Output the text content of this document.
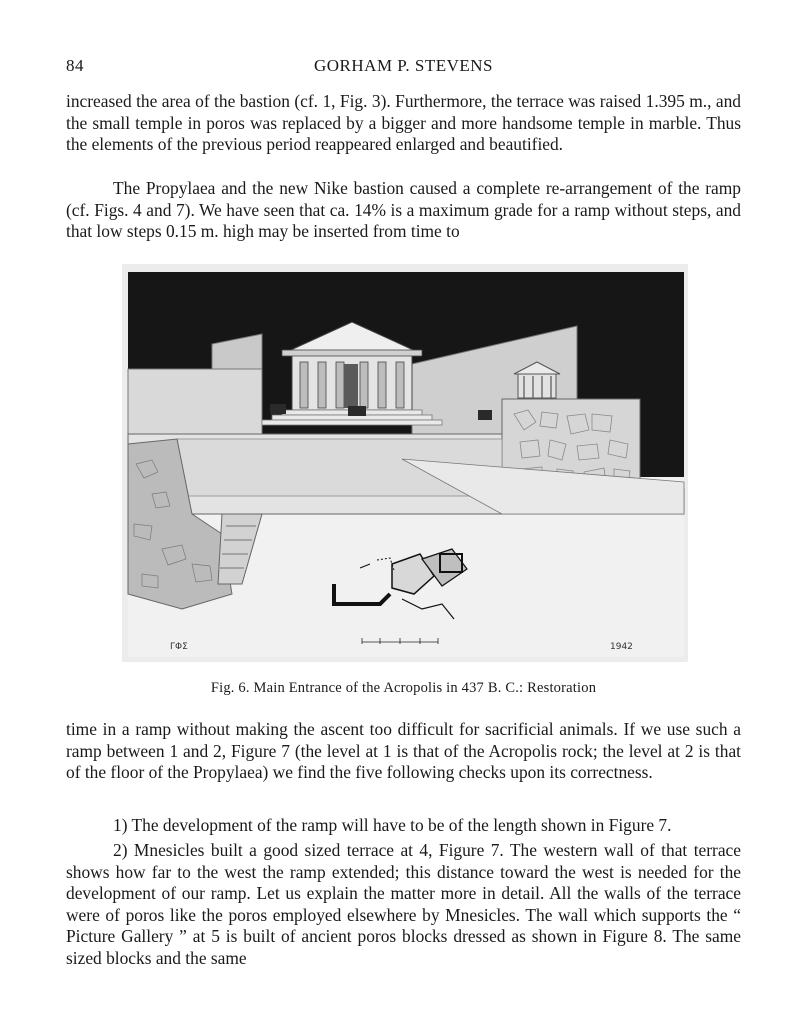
84	GORHAM P. STEVENS

increased the area of the bastion (cf. 1, Fig. 3). Furthermore, the terrace was raised 1.395 m., and the small temple in poros was replaced by a bigger and more handsome temple in marble. Thus the elements of the previous period reappeared enlarged and beautified.

The Propylaea and the new Nike bastion caused a complete re-arrangement of the ramp (cf. Figs. 4 and 7). We have seen that ca. 14% is a maximum grade for a ramp without steps, and that low steps 0.15 m. high may be inserted from time to

ΓΦΣ	1942
Fig. 6. Main Entrance of the Acropolis in 437 B. C.: Restoration

time in a ramp without making the ascent too difficult for sacrificial animals. If we use such a ramp between 1 and 2, Figure 7 (the level at 1 is that of the Acropolis rock; the level at 2 is that of the floor of the Propylaea) we find the five following checks upon its correctness.

1) The development of the ramp will have to be of the length shown in Figure 7.

2) Mnesicles built a good sized terrace at 4, Figure 7. The western wall of that terrace shows how far to the west the ramp extended; this distance toward the west is needed for the development of our ramp. Let us explain the matter more in detail. All the walls of the terrace were of poros like the poros employed elsewhere by Mnesicles. The wall which supports the “ Picture Gallery ” at 5 is built of ancient poros blocks dressed as shown in Figure 8. The same sized blocks and the same
